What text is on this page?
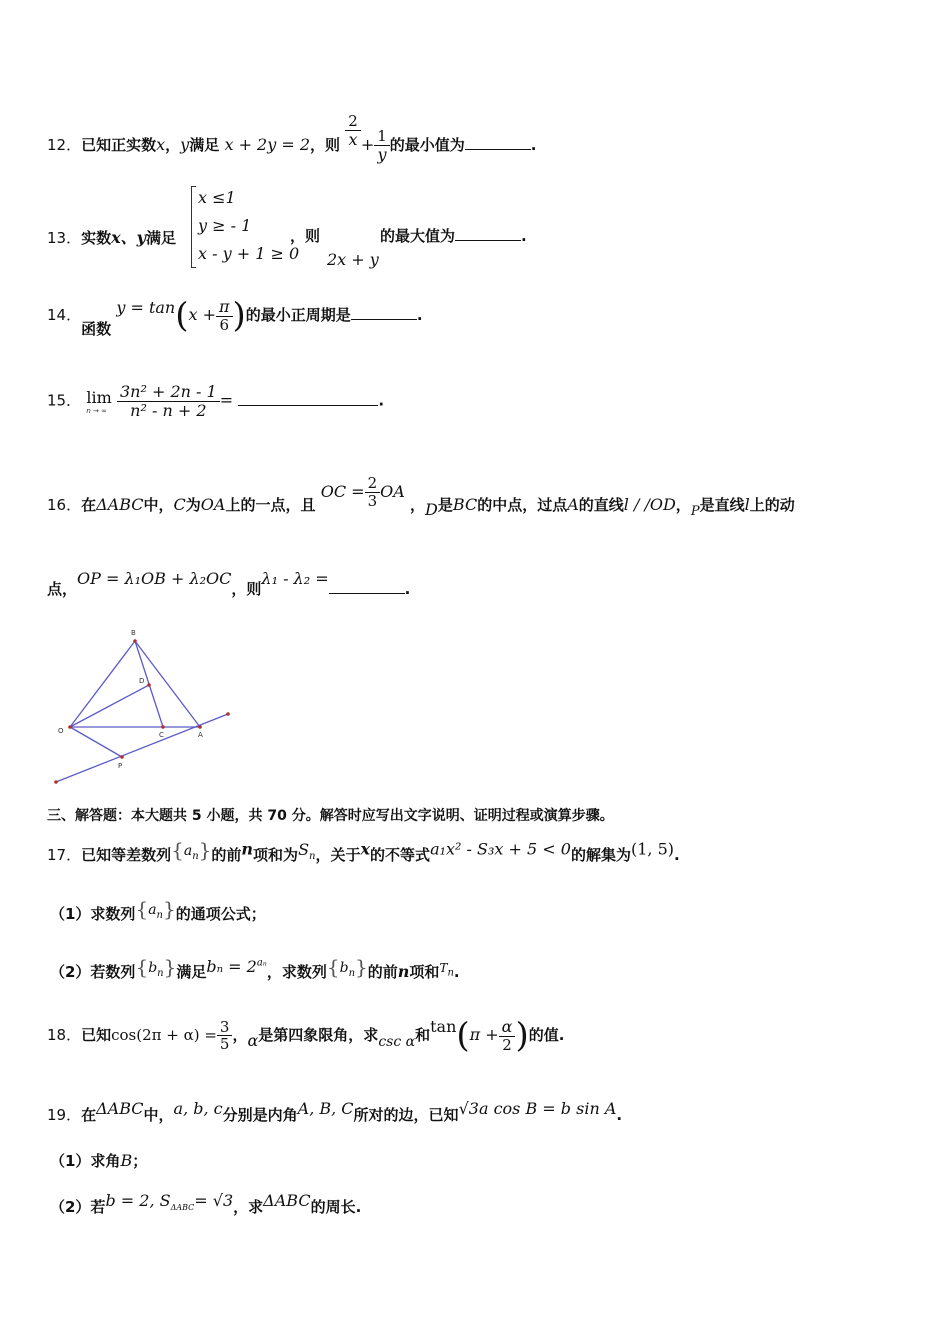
12．已知正实数x，y满足 x + 2y = 2，则 $\frac{2}{x} + \frac{1}{y}$ 的最小值为	.
13．实数x、y满足
x ≤1
y ≥ - 1
x - y + 1 ≥ 0
，则	的最大值为	.
2x + y
14．函数 $y = \tan(x + \frac{\pi}{6}$ )的最小正周期是	.
15． lim
n → ∞
$\frac{\text{3n² + 2n - 1}}{\text{n² - n + 2}}$ =	.
16．在ΔABC中，C为OA上的一点，且 OC = $\frac{2}{3}$ OA ，D是BC的中点，过点A的直线l / /OD，P是直线l上的动
点，OP = λ₁OB + λ₂OC，则λ₁ - λ₂ =.
B
D
O	C	A
P
三、解答题：本大题共 5 小题，共 70 分。解答时应写出文字说明、证明过程或演算步骤。
17．已知等差数列$\{a_n\}$的前n项和为$S_n$，关于x的不等式a₁x² - S₃x + 5 < 0的解集为(1, 5).
（1）求数列$\{a_n\}$的通项公式；
（2）若数列$\{b_n\}$满足$b_n = 2^{a_n}$，求数列$\{b_n\}$的前n项和$T_n$.
18．已知$\cos(2\pi + \alpha) = \frac{3}{5}$ ，α是第四象限角，求csc α和$\tan(\pi + \frac{\alpha}{2}$ )的值.
19．在ΔABC中，a, b, c分别是内角A, B, C所对的边，已知√3a cos B = b sin A.
（1）求角B；
（2）若b = 2, $S_{\Delta ABC}= √3$，求ΔABC的周长.
